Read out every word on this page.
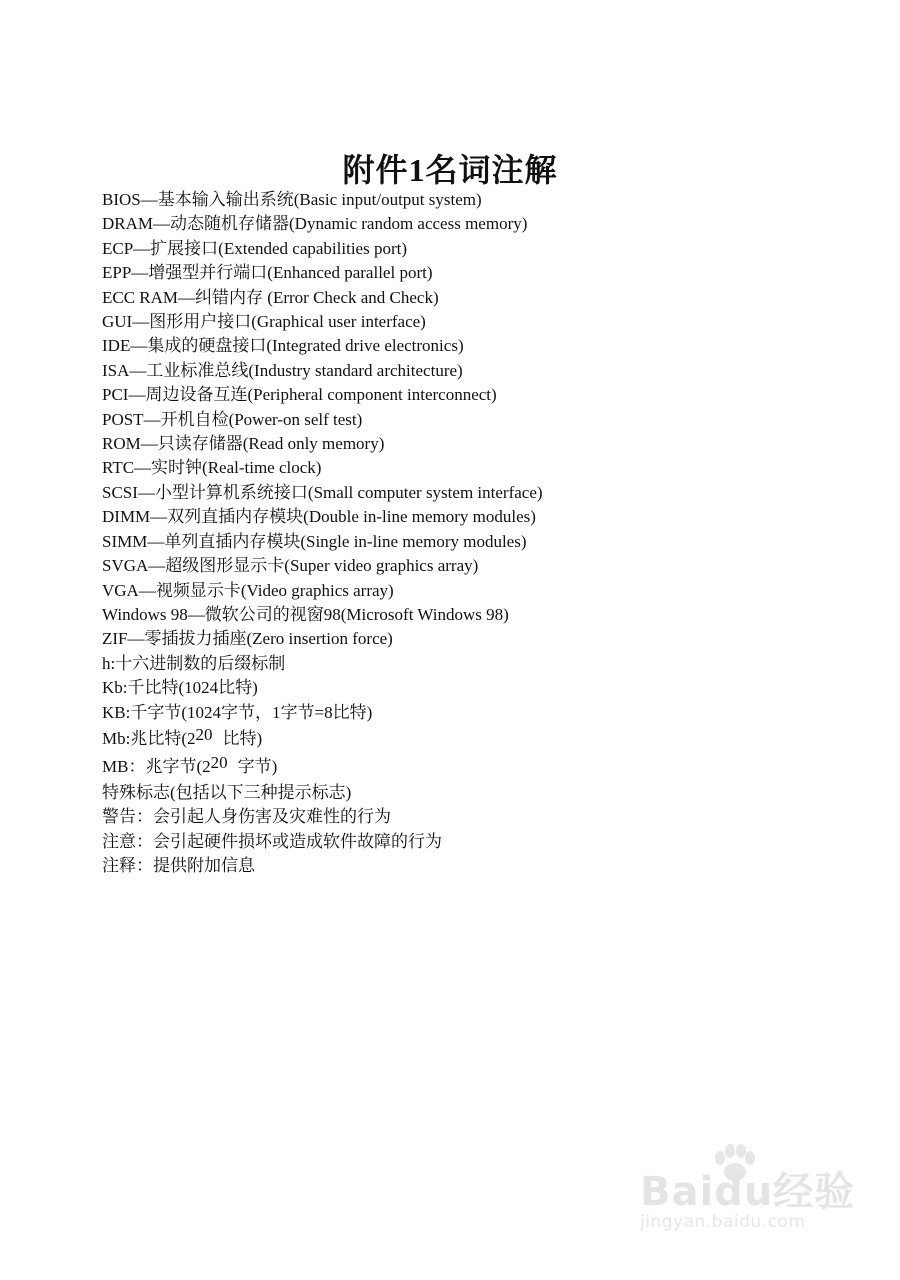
附件1名词注解
BIOS—基本输入输出系统(Basic input/output system)
DRAM—动态随机存储器(Dynamic random access memory)
ECP—扩展接口(Extended capabilities port)
EPP—增强型并行端口(Enhanced parallel port)
ECC RAM—纠错内存 (Error Check and Check)
GUI—图形用户接口(Graphical user interface)
IDE—集成的硬盘接口(Integrated drive electronics)
ISA—工业标准总线(Industry standard architecture)
PCI—周边设备互连(Peripheral component interconnect)
POST—开机自检(Power-on self test)
ROM—只读存储器(Read only memory)
RTC—实时钟(Real-time clock)
SCSI—小型计算机系统接口(Small computer system interface)
DIMM—双列直插内存模块(Double in-line memory modules)
SIMM—单列直插内存模块(Single in-line memory modules)
SVGA—超级图形显示卡(Super video graphics array)
VGA—视频显示卡(Video graphics array)
Windows 98—微软公司的视窗98(Microsoft Windows 98)
ZIF—零插拔力插座(Zero insertion force)
h:十六进制数的后缀标制
Kb:千比特(1024比特)
KB:千字节(1024字节，1字节=8比特)
Mb:兆比特($2^{20}$ 比特)
MB：兆字节($2^{20}$ 字节)
特殊标志(包括以下三种提示标志)
警告：会引起人身伤害及灾难性的行为
注意：会引起硬件损坏或造成软件故障的行为
注释：提供附加信息
Baidu经验
jingyan.baidu.com
